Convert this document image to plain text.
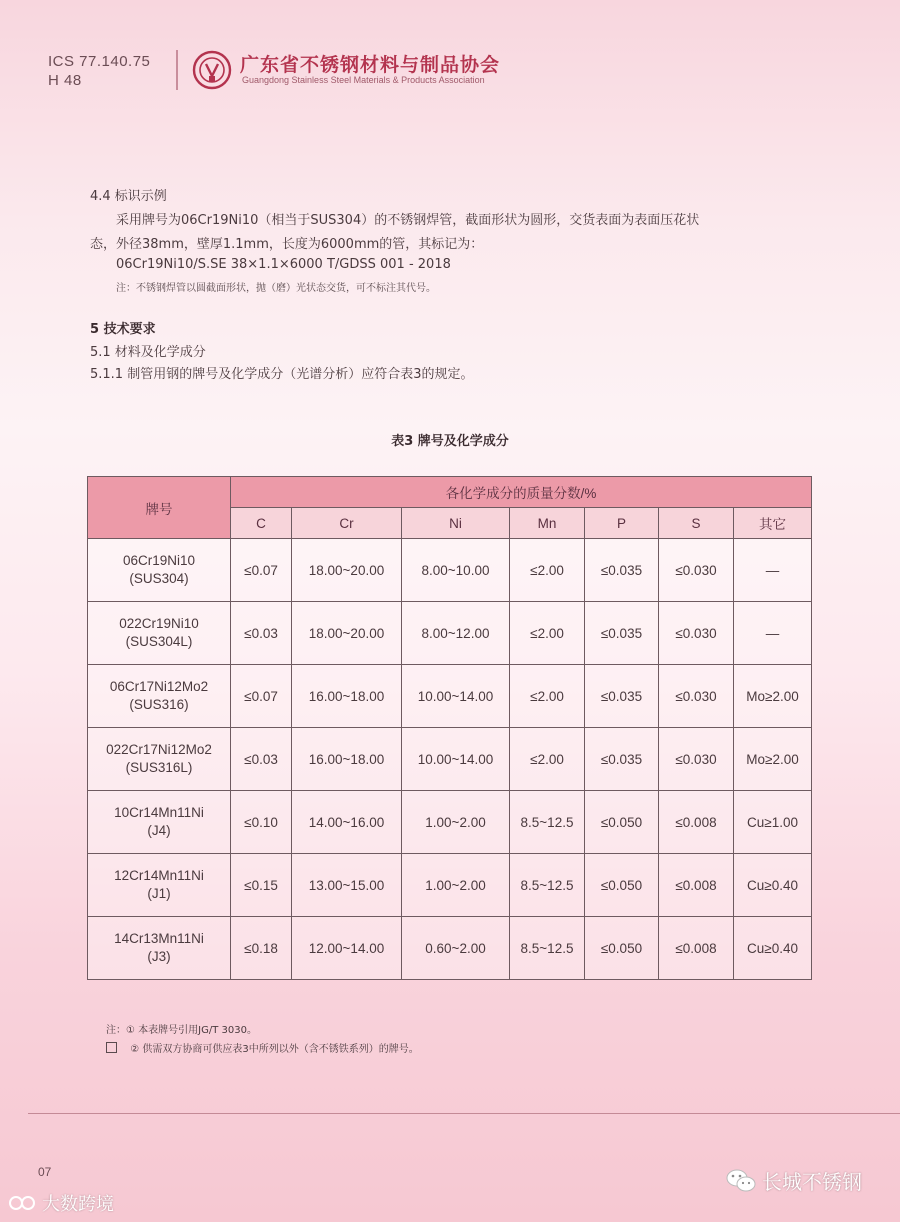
ICS 77.140.75
H 48
广东省不锈钢材料与制品协会
Guangdong Stainless Steel Materials & Products Association
4.4 标识示例
采用牌号为06Cr19Ni10（相当于SUS304）的不锈钢焊管，截面形状为圆形，交货表面为表面压花状
态，外径38mm，壁厚1.1mm，长度为6000mm的管，其标记为：
06Cr19Ni10/S.SE 38×1.1×6000 T/GDSS 001 - 2018
注：不锈钢焊管以圆截面形状，抛（磨）光状态交货，可不标注其代号。
5 技术要求
5.1 材料及化学成分
5.1.1 制管用钢的牌号及化学成分（光谱分析）应符合表3的规定。
表3 牌号及化学成分
牌号	各化学成分的质量分数/%						
	C	Cr	Ni	Mn	P	S	其它

06Cr19Ni10
(SUS304)	≤0.07	18.00~20.00	8.00~10.00	≤2.00	≤0.035	≤0.030	—

022Cr19Ni10
(SUS304L)	≤0.03	18.00~20.00	8.00~12.00	≤2.00	≤0.035	≤0.030	—

06Cr17Ni12Mo2
(SUS316)	≤0.07	16.00~18.00	10.00~14.00	≤2.00	≤0.035	≤0.030	Mo≥2.00

022Cr17Ni12Mo2
(SUS316L)	≤0.03	16.00~18.00	10.00~14.00	≤2.00	≤0.035	≤0.030	Mo≥2.00

10Cr14Mn11Ni
(J4)	≤0.10	14.00~16.00	1.00~2.00	8.5~12.5	≤0.050	≤0.008	Cu≥1.00

12Cr14Mn11Ni
(J1)	≤0.15	13.00~15.00	1.00~2.00	8.5~12.5	≤0.050	≤0.008	Cu≥0.40

14Cr13Mn11Ni
(J3)	≤0.18	12.00~14.00	0.60~2.00	8.5~12.5	≤0.050	≤0.008	Cu≥0.40
注：① 本表牌号引用JG/T 3030。
② 供需双方协商可供应表3中所列以外（含不锈铁系列）的牌号。
07	长城不锈钢
大数跨境
